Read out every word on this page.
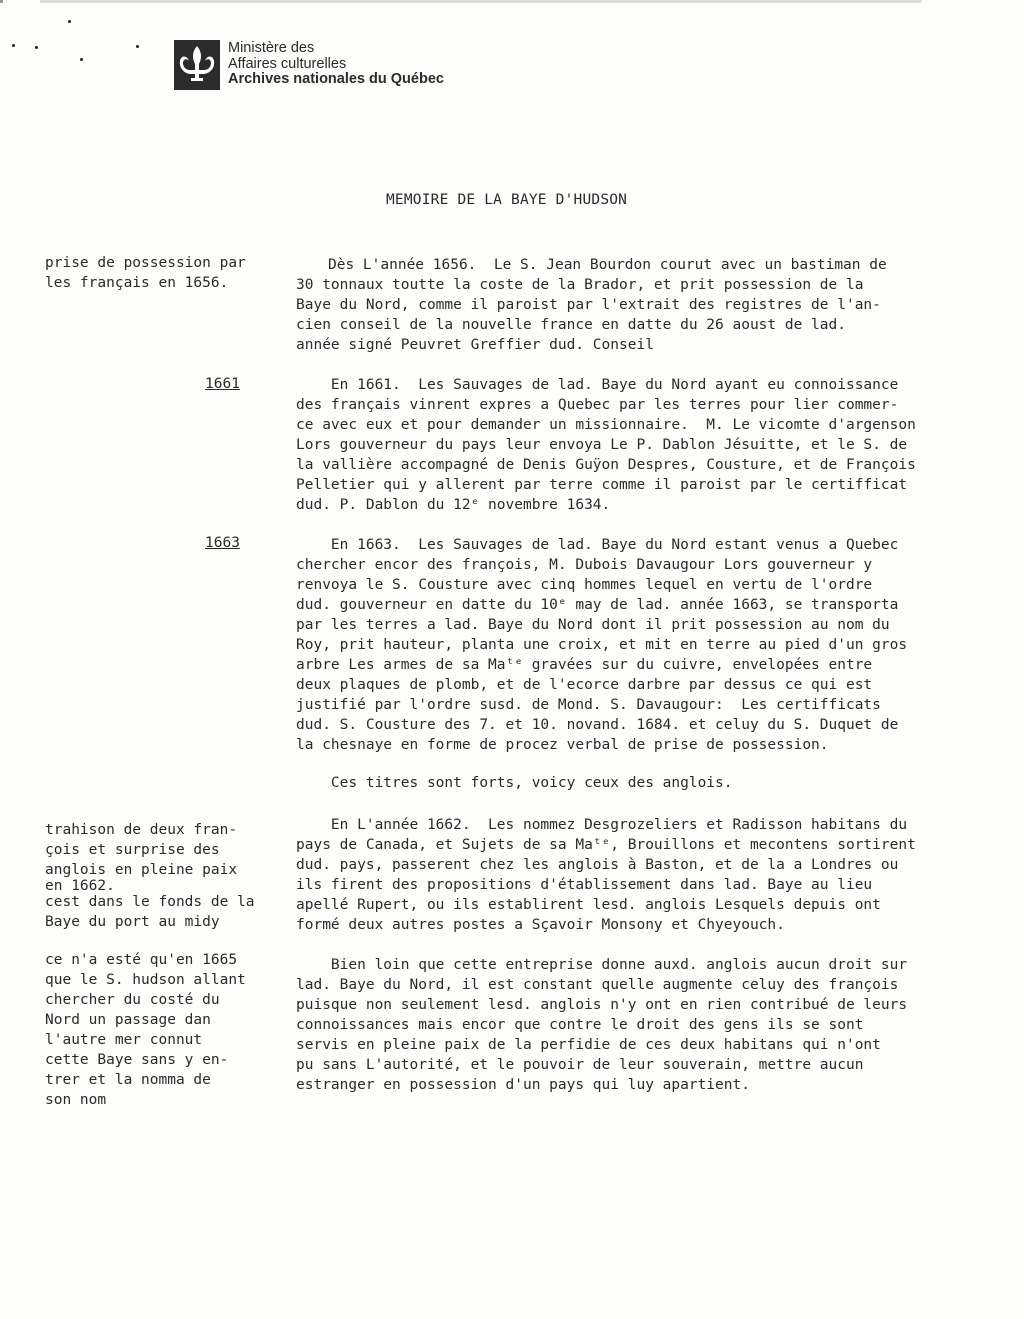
Ministère des
Affaires culturelles
Archives nationales du Québec
MEMOIRE DE LA BAYE D'HUDSON
prise de possession par
les français en 1656.
1661
1663
trahison de deux fran-
çois et surprise des
anglois en pleine paix
en 1662.
cest dans le fonds de la
Baye du port au midy
ce n'a esté qu'en 1665
que le S. hudson allant
chercher du costé du
Nord un passage dan
l'autre mer connut
cette Baye sans y en-
trer et la nomma de
son nom
Dès L'année 1656.  Le S. Jean Bourdon courut avec un bastiman de
30 tonnaux toutte la coste de la Brador, et prit possession de la
Baye du Nord, comme il paroist par l'extrait des registres de l'an-
cien conseil de la nouvelle france en datte du 26 aoust de lad.
année signé Peuvret Greffier dud. Conseil
En 1661.  Les Sauvages de lad. Baye du Nord ayant eu connoissance
des français vinrent expres a Quebec par les terres pour lier commer-
ce avec eux et pour demander un missionnaire.  M. Le vicomte d'argenson
Lors gouverneur du pays leur envoya Le P. Dablon Jésuitte, et le S. de
la vallière accompagné de Denis Guÿon Despres, Cousture, et de François
Pelletier qui y allerent par terre comme il paroist par le certifficat
dud. P. Dablon du 12ᵉ novembre 1634.
En 1663.  Les Sauvages de lad. Baye du Nord estant venus a Quebec
chercher encor des françois, M. Dubois Davaugour Lors gouverneur y
renvoya le S. Cousture avec cinq hommes lequel en vertu de l'ordre
dud. gouverneur en datte du 10ᵉ may de lad. année 1663, se transporta
par les terres a lad. Baye du Nord dont il prit possession au nom du
Roy, prit hauteur, planta une croix, et mit en terre au pied d'un gros
arbre Les armes de sa Maᵗᵉ gravées sur du cuivre, envelopées entre
deux plaques de plomb, et de l'ecorce darbre par dessus ce qui est
justifié par l'ordre susd. de Mond. S. Davaugour:  Les certifficats
dud. S. Cousture des 7. et 10. novand. 1684. et celuy du S. Duquet de
la chesnaye en forme de procez verbal de prise de possession.
Ces titres sont forts, voicy ceux des anglois.
En L'année 1662.  Les nommez Desgrozeliers et Radisson habitans du
pays de Canada, et Sujets de sa Maᵗᵉ, Brouillons et mecontens sortirent
dud. pays, passerent chez les anglois à Baston, et de la a Londres ou
ils firent des propositions d'établissement dans lad. Baye au lieu
apellé Rupert, ou ils establirent lesd. anglois Lesquels depuis ont
formé deux autres postes a Sçavoir Monsony et Chyeyouch.
Bien loin que cette entreprise donne auxd. anglois aucun droit sur
lad. Baye du Nord, il est constant quelle augmente celuy des françois
puisque non seulement lesd. anglois n'y ont en rien contribué de leurs
connoissances mais encor que contre le droit des gens ils se sont
servis en pleine paix de la perfidie de ces deux habitans qui n'ont
pu sans L'autorité, et le pouvoir de leur souverain, mettre aucun
estranger en possession d'un pays qui luy apartient.
